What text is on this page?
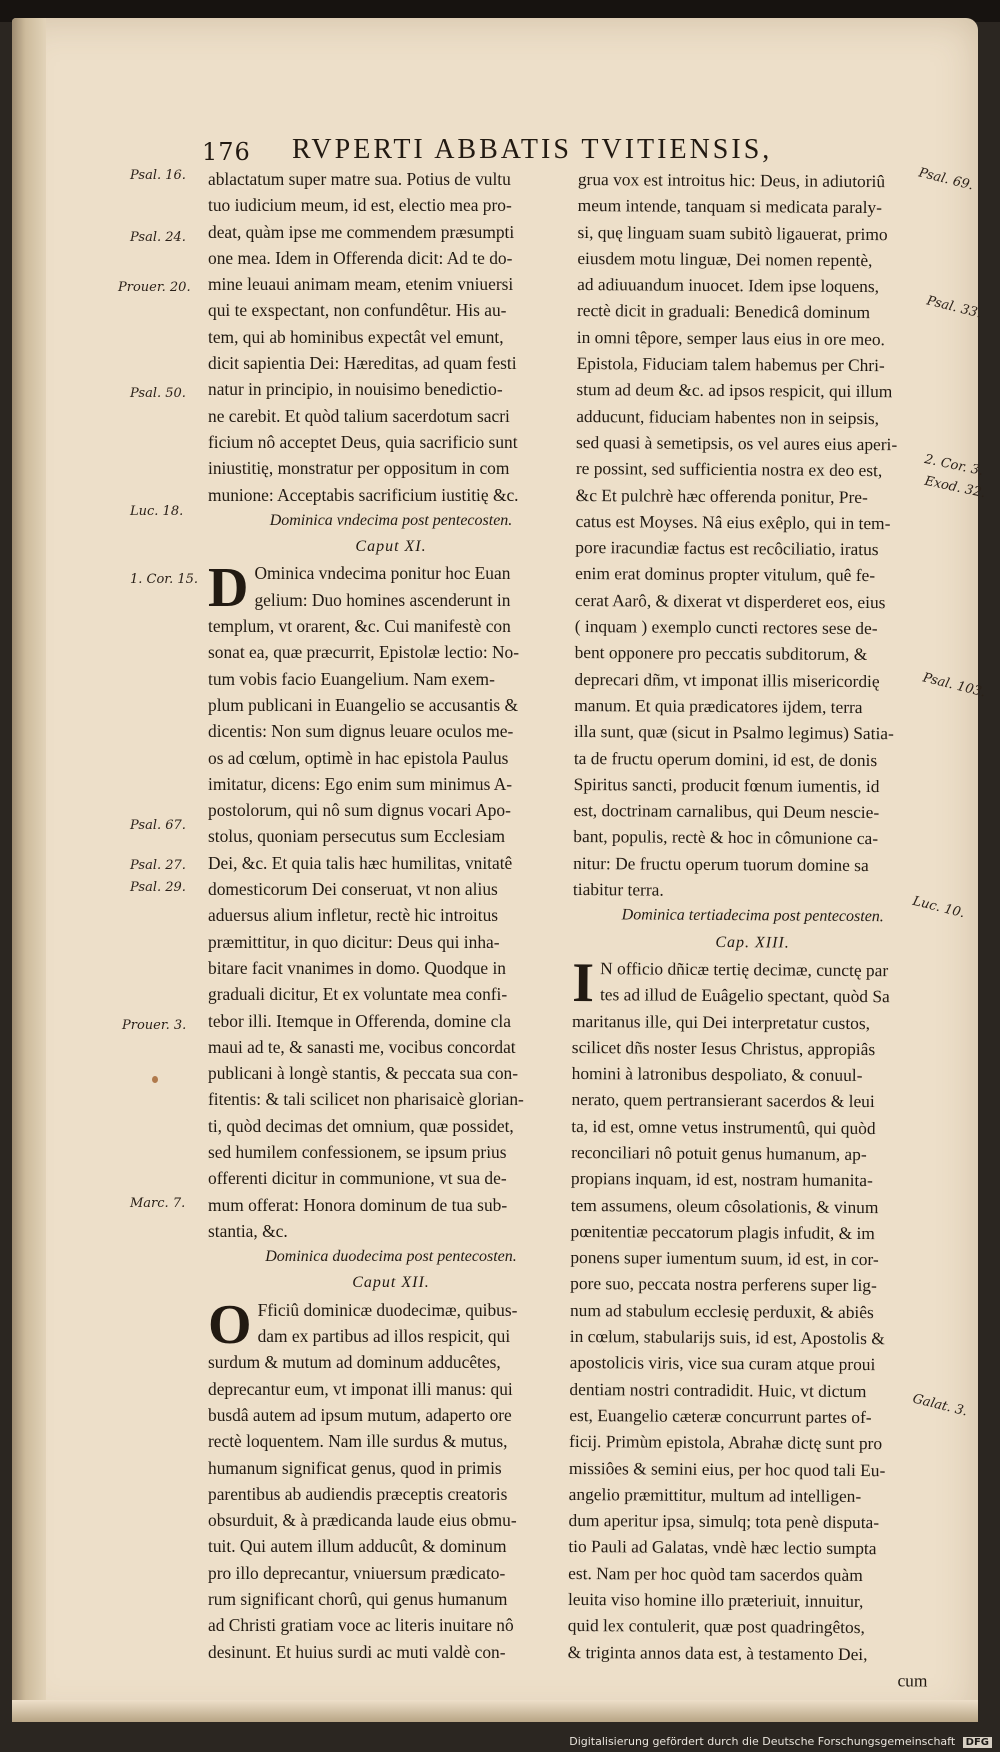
176 RVPERTI ABBATIS TVITIENSIS,
Psal. 16.
Psal. 24.
Prouer. 20.
Psal. 50.
Luc. 18.
1. Cor. 15.
Psal. 67.
Psal. 27.
Psal. 29.
Prouer. 3.
Marc. 7.
Psal. 69.
Psal. 33.
2. Cor. 3.
Exod. 32.
Psal. 103.
Luc. 10.
Galat. 3.
ablactatum super matre sua. Potius de vultu
tuo iudicium meum, id est, electio mea pro-
deat, quàm ipse me commendem præsumpti
one mea. Idem in Offerenda dicit: Ad te do-
mine leuaui animam meam, etenim vniuersi
qui te exspectant, non confundêtur. His au-
tem, qui ab hominibus expectât vel emunt,
dicit sapientia Dei: Hæreditas, ad quam festi
natur in principio, in nouisimo benedictio-
ne carebit. Et quòd talium sacerdotum sacri
ficium nô acceptet Deus, quia sacrificio sunt
iniustitię, monstratur per oppositum in com
munione: Acceptabis sacrificium iustitię &c.
Dominica vndecima post pentecosten.
Caput XI.
D Ominica vndecima ponitur hoc Euan
gelium: Duo homines ascenderunt in
templum, vt orarent, &c. Cui manifestè con
sonat ea, quæ præcurrit, Epistolæ lectio: No-
tum vobis facio Euangelium. Nam exem-
plum publicani in Euangelio se accusantis &
dicentis: Non sum dignus leuare oculos me-
os ad cœlum, optimè in hac epistola Paulus
imitatur, dicens: Ego enim sum minimus A-
postolorum, qui nô sum dignus vocari Apo-
stolus, quoniam persecutus sum Ecclesiam
Dei, &c. Et quia talis hæc humilitas, vnitatê
domesticorum Dei conseruat, vt non alius
aduersus alium infletur, rectè hic introitus
præmittitur, in quo dicitur: Deus qui inha-
bitare facit vnanimes in domo. Quodque in
graduali dicitur, Et ex voluntate mea confi-
tebor illi. Itemque in Offerenda, domine cla
maui ad te, & sanasti me, vocibus concordat
publicani à longè stantis, & peccata sua con-
fitentis: & tali scilicet non pharisaicè glorian-
ti, quòd decimas det omnium, quæ possidet,
sed humilem confessionem, se ipsum prius
offerenti dicitur in communione, vt sua de-
mum offerat: Honora dominum de tua sub-
stantia, &c.
Dominica duodecima post pentecosten.
Caput XII.
O Fficiû dominicæ duodecimæ, quibus-
dam ex partibus ad illos respicit, qui
surdum & mutum ad dominum adducêtes,
deprecantur eum, vt imponat illi manus: qui
busdâ autem ad ipsum mutum, adaperto ore
rectè loquentem. Nam ille surdus & mutus,
humanum significat genus, quod in primis
parentibus ab audiendis præceptis creatoris
obsurduit, & à prædicanda laude eius obmu-
tuit. Qui autem illum adducût, & dominum
pro illo deprecantur, vniuersum prædicato-
rum significant chorû, qui genus humanum
ad Christi gratiam voce ac literis inuitare nô
desinunt. Et huius surdi ac muti valdè con-
grua vox est introitus hic: Deus, in adiutoriû
meum intende, tanquam si medicata paraly-
si, quę linguam suam subitò ligauerat, primo
eiusdem motu linguæ, Dei nomen repentè,
ad adiuuandum inuocet. Idem ipse loquens,
rectè dicit in graduali: Benedicâ dominum
in omni têpore, semper laus eius in ore meo.
Epistola, Fiduciam talem habemus per Chri-
stum ad deum &c. ad ipsos respicit, qui illum
adducunt, fiduciam habentes non in seipsis,
sed quasi à semetipsis, os vel aures eius aperi-
re possint, sed sufficientia nostra ex deo est,
&c Et pulchrè hæc offerenda ponitur, Pre-
catus est Moyses. Nâ eius exêplo, qui in tem-
pore iracundiæ factus est recôciliatio, iratus
enim erat dominus propter vitulum, quê fe-
cerat Aarô, & dixerat vt disperderet eos, eius
( inquam ) exemplo cuncti rectores sese de-
bent opponere pro peccatis subditorum, &
deprecari dñm, vt imponat illis misericordię
manum. Et quia prædicatores ijdem, terra
illa sunt, quæ (sicut in Psalmo legimus) Satia-
ta de fructu operum domini, id est, de donis
Spiritus sancti, producit fœnum iumentis, id
est, doctrinam carnalibus, qui Deum nescie-
bant, populis, rectè & hoc in cômunione ca-
nitur: De fructu operum tuorum domine sa
tiabitur terra.
Dominica tertiadecima post pentecosten.
Cap. XIII.
I N officio dñicæ tertię decimæ, cunctę par
tes ad illud de Euâgelio spectant, quòd Sa
maritanus ille, qui Dei interpretatur custos,
scilicet dñs noster Iesus Christus, appropiâs
homini à latronibus despoliato, & conuul-
nerato, quem pertransierant sacerdos & leui
ta, id est, omne vetus instrumentû, qui quòd
reconciliari nô potuit genus humanum, ap-
propians inquam, id est, nostram humanita-
tem assumens, oleum côsolationis, & vinum
pœnitentiæ peccatorum plagis infudit, & im
ponens super iumentum suum, id est, in cor-
pore suo, peccata nostra perferens super lig-
num ad stabulum ecclesię perduxit, & abiês
in cœlum, stabularijs suis, id est, Apostolis &
apostolicis viris, vice sua curam atque proui
dentiam nostri contradidit. Huic, vt dictum
est, Euangelio cæteræ concurrunt partes of-
ficij. Primùm epistola, Abrahæ dictę sunt pro
missiôes & semini eius, per hoc quod tali Eu-
angelio præmittitur, multum ad intelligen-
dum aperitur ipsa, simulq; tota penè disputa-
tio Pauli ad Galatas, vndè hæc lectio sumpta
est. Nam per hoc quòd tam sacerdos quàm
leuita viso homine illo præteriuit, innuitur,
quid lex contulerit, quæ post quadringêtos,
& triginta annos data est, à testamento Dei,
cum
Digitalisierung gefördert durch die Deutsche Forschungsgemeinschaft DFG
